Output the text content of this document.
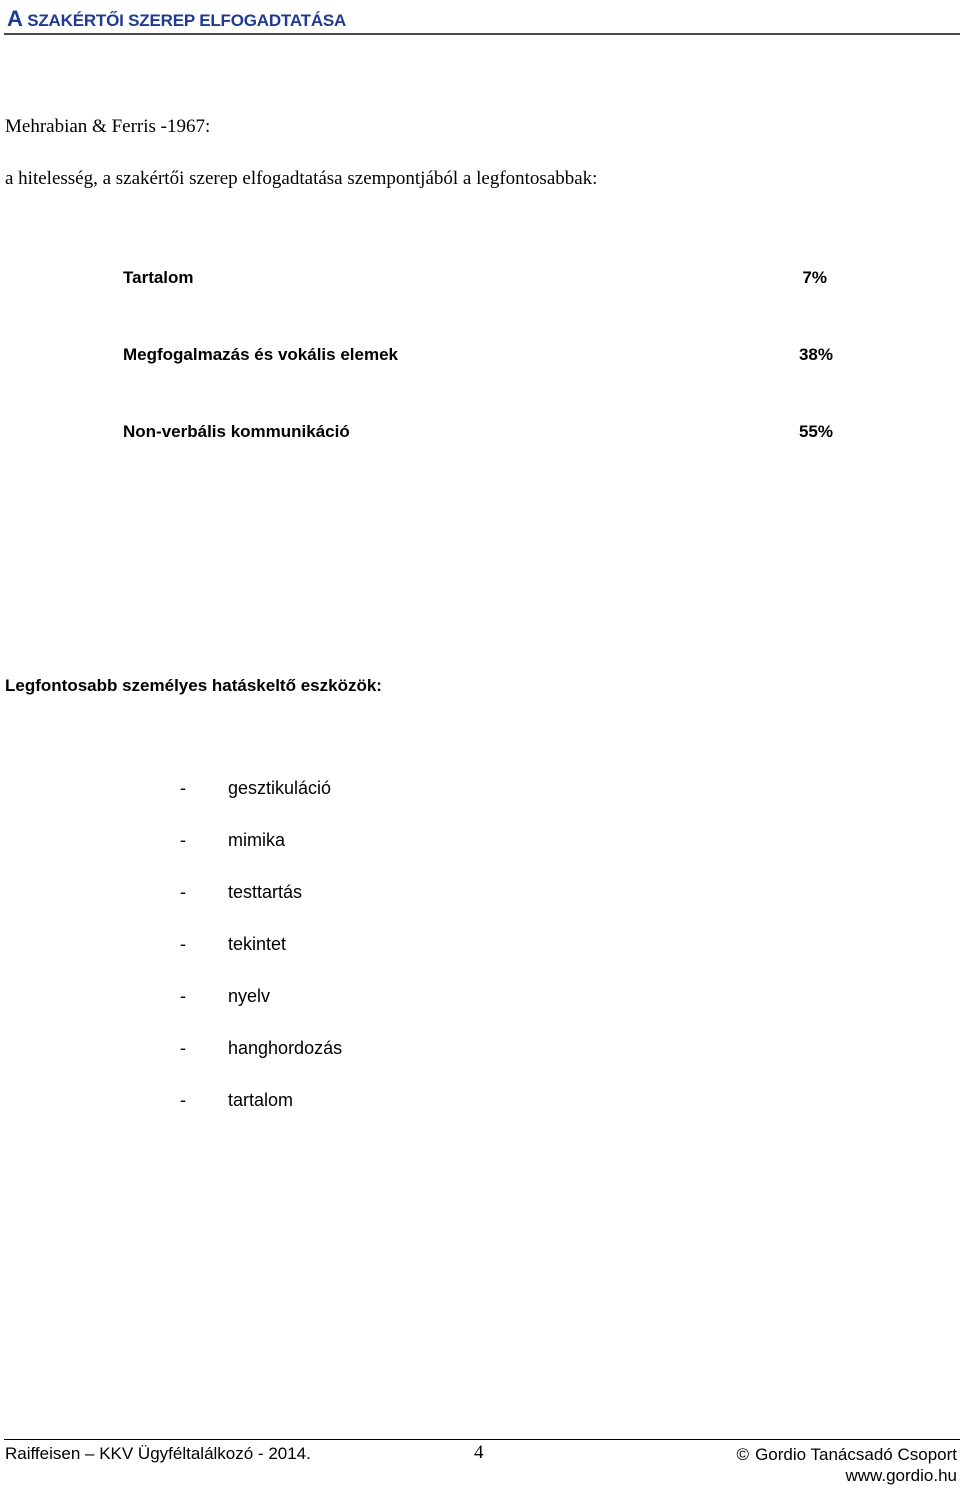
A SZAKÉRTŐI SZEREP ELFOGADTATÁSA
Mehrabian & Ferris -1967:
a hitelesség, a szakértői szerep elfogadtatása szempontjából a legfontosabbak:
Tartalom	7%
Megfogalmazás és vokális elemek	38%
Non-verbális kommunikáció	55%
Legfontosabb személyes hatáskeltő eszközök:
- gesztikuláció
- mimika
- testtartás
- tekintet
- nyelv
- hanghordozás
- tartalom
Raiffeisen – KKV Ügyféltalálkozó - 2014.	4	© Gordio Tanácsadó Csoport
www.gordio.hu
